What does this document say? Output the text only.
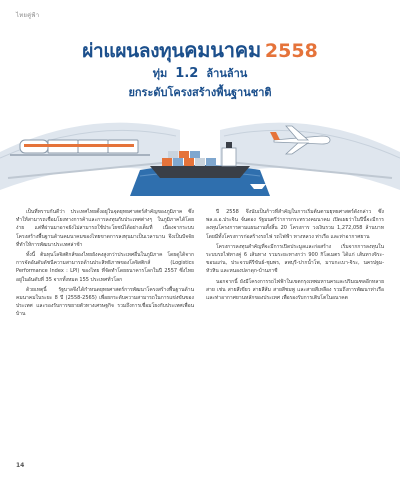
ไทยคู่ฟ้า
ผ่าแผนลงทุนคมนาคม 2558
ทุ่ม 1.2 ล้านล้าน
ยกระดับโครงสร้างพื้นฐานชาติ

เป็นที่ทราบกันดีว่า ประเทศไทยตั้งอยู่ในจุดยุทธศาสตร์สำคัญของภูมิภาค ซึ่งทำให้สามารถเชื่อมโยงทางการค้าและการลงทุนกับประเทศต่างๆ ในภูมิภาคได้โดยง่าย แต่ที่ผ่านมาอาจยังไม่สามารถใช้ประโยชน์ได้อย่างเต็มที่ เนื่องจากระบบโครงสร้างพื้นฐานด้านคมนาคมของไทยขาดการลงทุนมาเป็นเวลานาน จึงเป็นปัจจัยที่ทำให้การพัฒนาประเทศล่าช้า

ทั้งนี้ ต้นทุนโลจิสติกส์ของไทยยังคงสูงกว่าประเทศอื่นในภูมิภาค โดยดูได้จากการจัดอันดับดัชนีความสามารถด้านประสิทธิภาพของโลจิสติกส์ (Logistics Performance Index : LPI) ของไทย ที่จัดทำโดยธนาคารโลกในปี 2557 ซึ่งไทยอยู่ในอันดับที่ 35 จากทั้งหมด 155 ประเทศทั่วโลก

ด้วยเหตุนี้ รัฐบาลจึงได้กำหนดยุทธศาสตร์การพัฒนาโครงสร้างพื้นฐานด้านคมนาคมในระยะ 8 ปี (2558-2565) เพื่อยกระดับความสามารถในการแข่งขันของประเทศ และรองรับการขยายตัวทางเศรษฐกิจ รวมถึงการเชื่อมโยงกับประเทศเพื่อนบ้าน

ปี 2558 จึงนับเป็นก้าวที่สำคัญในการเริ่มต้นตามยุทธศาสตร์ดังกล่าว ซึ่ง พล.อ.อ.ประจิน จั่นตอง รัฐมนตรีว่าการกระทรวงคมนาคม เปิดเผยว่าในปีนี้จะมีการลงทุนโครงการตามแผนงานทั้งสิ้น 20 โครงการ วงเงินรวม 1,272,058 ล้านบาท โดยมีทั้งโครงการก่อสร้างรถไฟ รถไฟฟ้า ทางหลวง ท่าเรือ และท่าอากาศยาน

โครงการลงทุนสำคัญที่จะมีการเปิดประมูลและก่อสร้าง เริ่มจากการลงทุนในระบบรถไฟทางคู่ 6 เส้นทาง รวมระยะทางกว่า 900 กิโลเมตร ได้แก่ เส้นทางจิระ-ขอนแก่น, ประจวบคีรีขันธ์-ชุมพร, ลพบุรี-ปากน้ำโพ, มาบกะเบา-จิระ, นครปฐม-หัวหิน และหนองปลาดุก-บ้านภาชี

นอกจากนี้ ยังมีโครงการรถไฟฟ้าในเขตกรุงเทพมหานครและปริมณฑลอีกหลายสาย เช่น สายสีเขียว สายสีส้ม สายสีชมพู และสายสีเหลือง รวมถึงการพัฒนาท่าเรือและท่าอากาศยานหลักของประเทศ เพื่อรองรับการเติบโตในอนาคต

14
